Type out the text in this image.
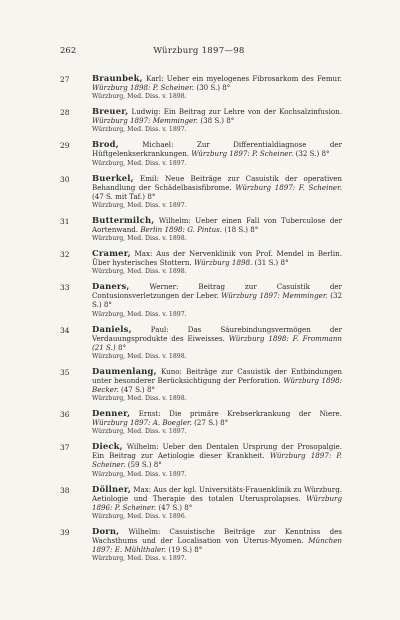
262	Würzburg 1897—98
27	Braunbek, Karl: Ueber ein myelogenes Fibrosarkom des Femur. Würzburg 1898: P. Scheiner. (30 S.) 8°
Würzburg, Med. Diss. v. 1898.
28	Breuer, Ludwig: Ein Beitrag zur Lehre von der Kochsalzinfusion. Würzburg 1897: Memminger. (38 S.) 8°
Würzburg, Med. Diss. v. 1897.
29	Brod,	Michael: Zur Differentialdiagnose der Hüftgelenkserkrankungen. Würzburg 1897: P. Scheiner. (32 S.) 8°
Würzburg, Med. Diss. v. 1897.
30	Buerkel, Emil: Neue Beiträge zur Casuistik der operativen Behandlung der Schädelbasisfibrome. Würzburg 1897: F. Scheiner. (47 S. mit Taf.) 8°
Würzburg, Med. Diss. v. 1897.
31	Buttermilch, Wilhelm: Ueber einen Fall von Tuberculose der Aortenwand. Berlin 1898: G. Pintus. (18 S.) 8°
Würzburg, Med. Diss. v. 1898.
32	Cramer, Max: Aus der Nervenklinik von Prof. Mendel in Berlin. Über hysterisches Stottern. Würzburg 1898. (31 S.) 8°
Würzburg, Med. Diss. v. 1898.
33	Daners,	Werner: Beitrag zur Casuistik der Contusionsverletzungen der Leber. Würzburg 1897: Memminger. (32 S.) 8°
Würzburg, Med. Diss. v. 1897.
34	Daniels,	Paul: Das Säurebindungsvermögen der Verdauungsprodukte des Eiweisses. Würzburg 1898: F. Frommann (21 S.) 8°
Würzburg, Med. Diss. v. 1898.
35	Daumenlang, Kuno: Beiträge zur Casuistik der Entbindungen unter besonderer Berücksichtigung der Perforation. Würzburg 1898: Becker. (47 S.) 8°
Würzburg, Med. Diss. v. 1898.
36	Denner, Ernst: Die primäre Krebserkrankung der Niere. Würzburg 1897: A. Boegler. (27 S.) 8°
Würzburg, Med. Diss. v. 1897.
37	Dieck, Wilhelm: Ueber den Dentalen Ursprung der Prosopalgie. Ein Beitrag zur Aetiologie dieser Krankheit. Würzburg 1897: P. Scheiner. (59 S.) 8°
Würzburg, Med. Diss. v. 1897.
38	Döllner, Max: Aus der kgl. Universitäts-Frauenklinik zu Würzburg. Aetiologie und Therapie des totalen Uterusprolapses. Würzburg 1896: P. Scheiner. (47 S.) 8°
Würzburg, Med. Diss. v. 1896.
39	Dorn, Wilhelm: Casuistische Beiträge zur Kenntniss des Wachsthums und der Localisation von Uterus-Myomen. München 1897: E. Mühlthaler. (19 S.) 8°
Würzburg, Med. Diss. v. 1897.
